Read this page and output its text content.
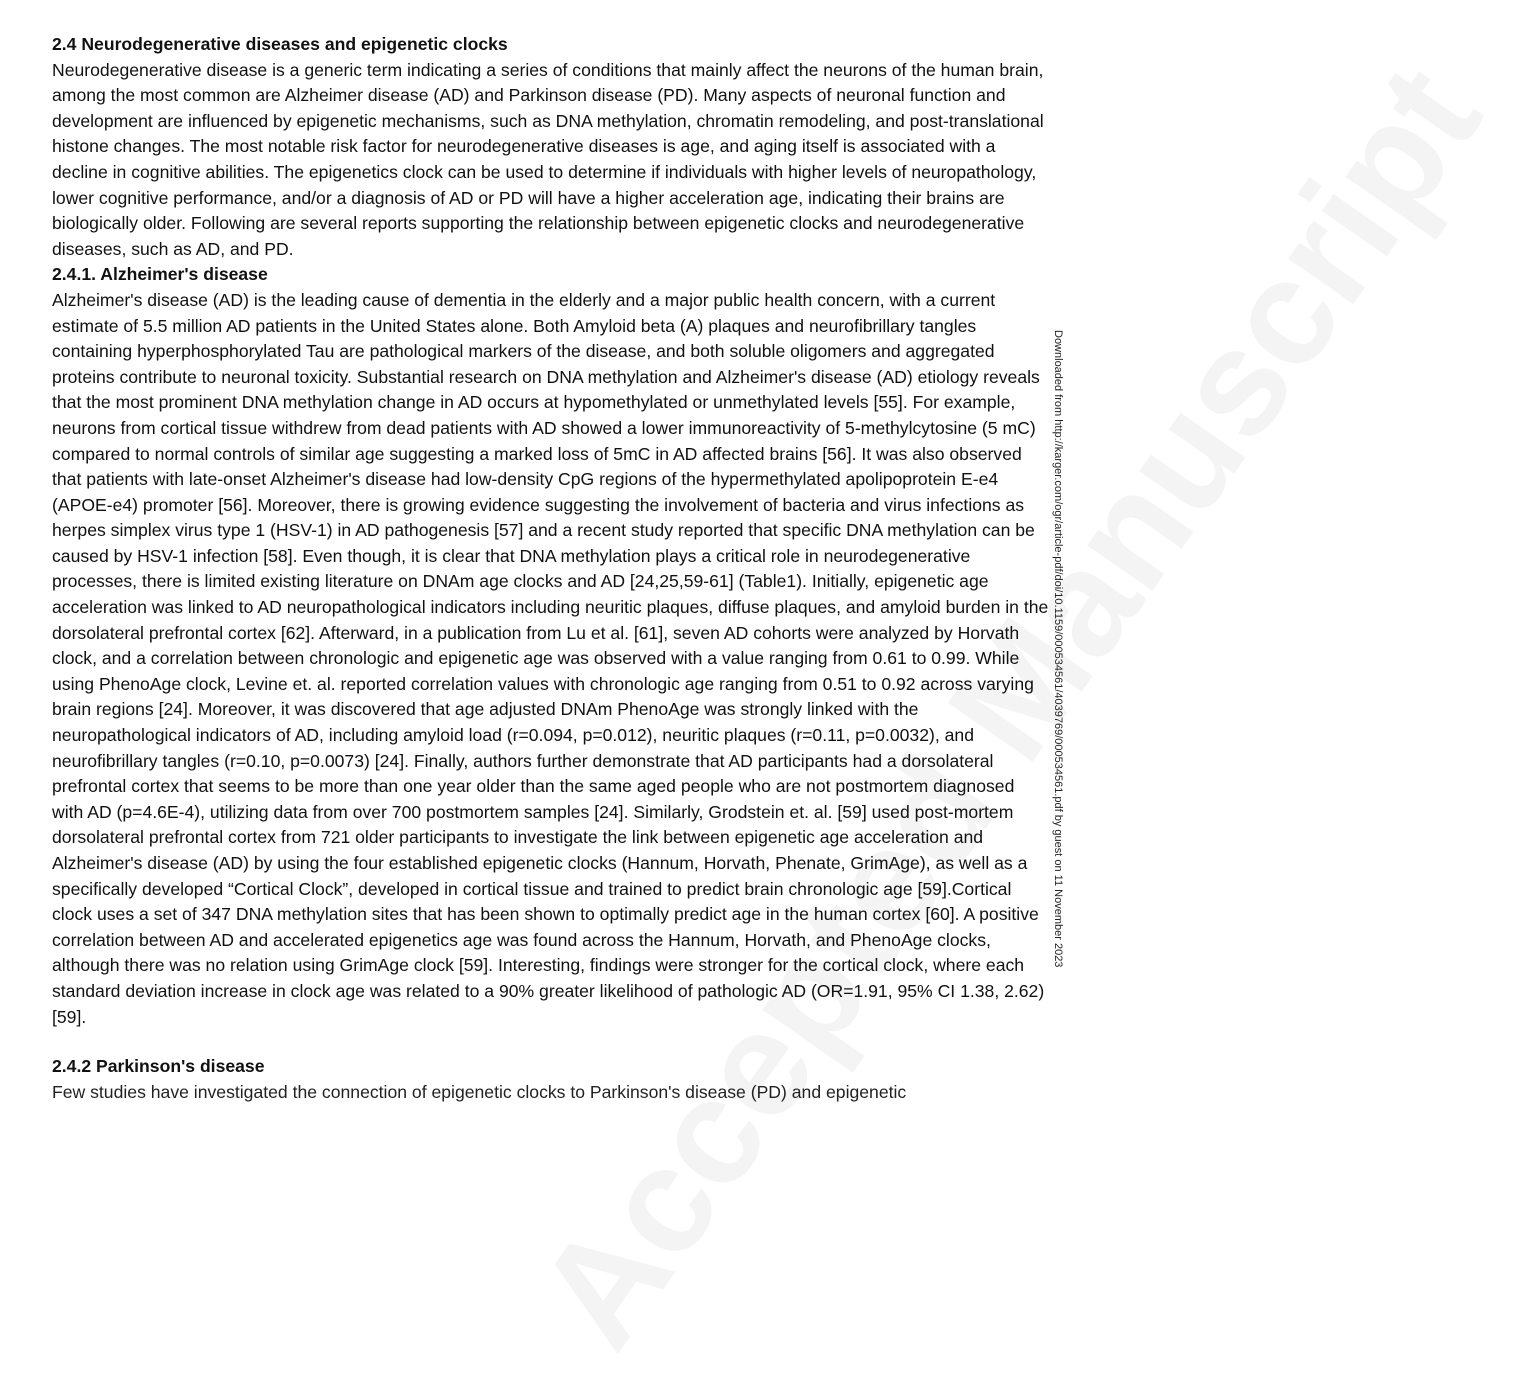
2.4 Neurodegenerative diseases and epigenetic clocks

Neurodegenerative disease is a generic term indicating a series of conditions that mainly affect the neurons of the human brain, among the most common are Alzheimer disease (AD) and Parkinson disease (PD). Many aspects of neuronal function and development are influenced by epigenetic mechanisms, such as DNA methylation, chromatin remodeling, and post-translational histone changes. The most notable risk factor for neurodegenerative diseases is age, and aging itself is associated with a decline in cognitive abilities. The epigenetics clock can be used to determine if individuals with higher levels of neuropathology, lower cognitive performance, and/or a diagnosis of AD or PD will have a higher acceleration age, indicating their brains are biologically older. Following are several reports supporting the relationship between epigenetic clocks and neurodegenerative diseases, such as AD, and PD.

2.4.1. Alzheimer's disease

Alzheimer's disease (AD) is the leading cause of dementia in the elderly and a major public health concern, with a current estimate of 5.5 million AD patients in the United States alone. Both Amyloid beta (A) plaques and neurofibrillary tangles containing hyperphosphorylated Tau are pathological markers of the disease, and both soluble oligomers and aggregated proteins contribute to neuronal toxicity. Substantial research on DNA methylation and Alzheimer's disease (AD) etiology reveals that the most prominent DNA methylation change in AD occurs at hypomethylated or unmethylated levels [55]. For example, neurons from cortical tissue withdrew from dead patients with AD showed a lower immunoreactivity of 5-methylcytosine (5 mC) compared to normal controls of similar age suggesting a marked loss of 5mC in AD affected brains [56]. It was also observed that patients with late-onset Alzheimer's disease had low-density CpG regions of the hypermethylated apolipoprotein E-e4 (APOE-e4) promoter [56]. Moreover, there is growing evidence suggesting the involvement of bacteria and virus infections as herpes simplex virus type 1 (HSV-1) in AD pathogenesis [57] and a recent study reported that specific DNA methylation can be caused by HSV-1 infection [58]. Even though, it is clear that DNA methylation plays a critical role in neurodegenerative processes, there is limited existing literature on DNAm age clocks and AD [24,25,59-61] (Table1). Initially, epigenetic age acceleration was linked to AD neuropathological indicators including neuritic plaques, diffuse plaques, and amyloid burden in the dorsolateral prefrontal cortex [62]. Afterward, in a publication from Lu et al. [61], seven AD cohorts were analyzed by Horvath clock, and a correlation between chronologic and epigenetic age was observed with a value ranging from 0.61 to 0.99. While using PhenoAge clock, Levine et. al. reported correlation values with chronologic age ranging from 0.51 to 0.92 across varying brain regions [24]. Moreover, it was discovered that age adjusted DNAm PhenoAge was strongly linked with the neuropathological indicators of AD, including amyloid load (r=0.094, p=0.012), neuritic plaques (r=0.11, p=0.0032), and neurofibrillary tangles (r=0.10, p=0.0073) [24]. Finally, authors further demonstrate that AD participants had a dorsolateral prefrontal cortex that seems to be more than one year older than the same aged people who are not postmortem diagnosed with AD (p=4.6E-4), utilizing data from over 700 postmortem samples [24]. Similarly, Grodstein et. al. [59] used post-mortem dorsolateral prefrontal cortex from 721 older participants to investigate the link between epigenetic age acceleration and Alzheimer's disease (AD) by using the four established epigenetic clocks (Hannum, Horvath, Phenate, GrimAge), as well as a specifically developed “Cortical Clock”, developed in cortical tissue and trained to predict brain chronologic age [59].Cortical clock uses a set of 347 DNA methylation sites that has been shown to optimally predict age in the human cortex [60]. A positive correlation between AD and accelerated epigenetics age was found across the Hannum, Horvath, and PhenoAge clocks, although there was no relation using GrimAge clock [59]. Interesting, findings were stronger for the cortical clock, where each standard deviation increase in clock age was related to a 90% greater likelihood of pathologic AD (OR=1.91, 95% CI 1.38, 2.62) [59].

2.4.2 Parkinson's disease

Few studies have investigated the connection of epigenetic clocks to Parkinson's disease (PD) and epigenetic

Downloaded from http://karger.com/ogr/article-pdf/doi/10.1159/000534561/4039769/000534561.pdf by guest on 11 November 2023
